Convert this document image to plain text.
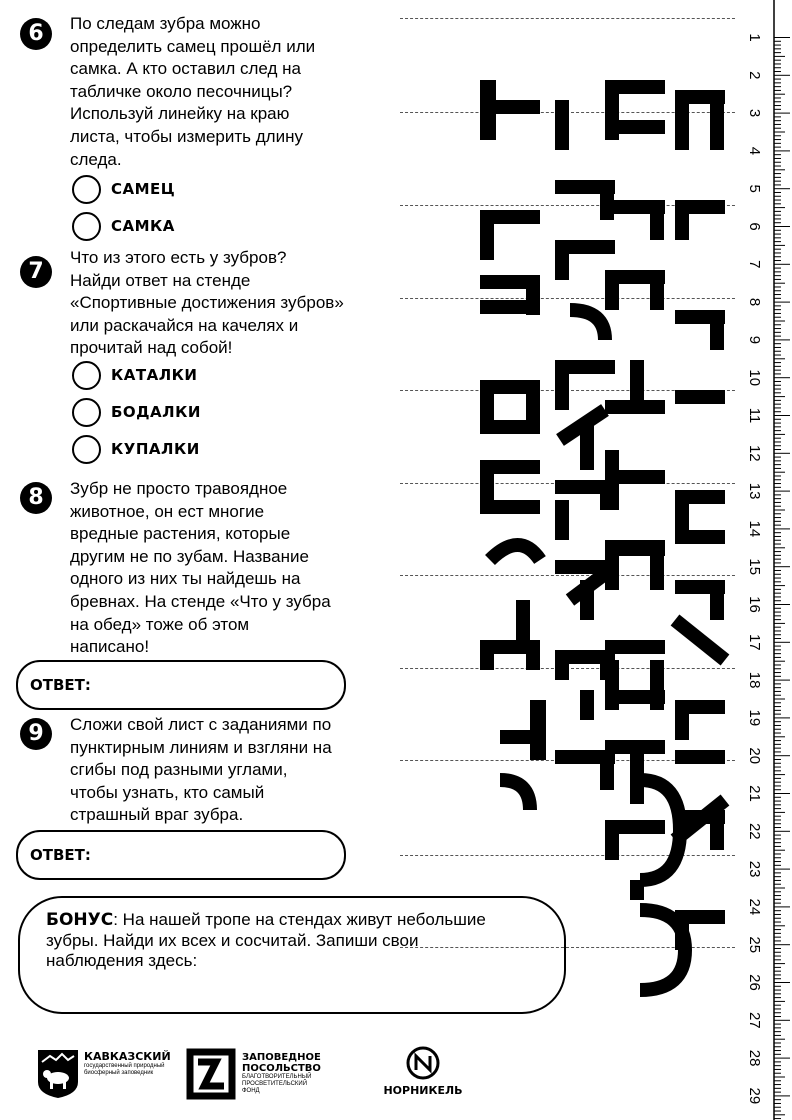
6	По следам зубра можно
определить самец прошёл или
самка. А кто оставил след на
табличке около песочницы?
Используй линейку на краю
листа, чтобы измерить длину
следа.
САМЕЦ
САМКА
7
Что из этого есть у зубров?
Найди ответ на стенде
«Спортивные достижения зубров»
или раскачайся на качелях и
прочитай над собой!
КАТАЛКИ
БОДАЛКИ
КУПАЛКИ
8	Зубр не просто травоядное
животное, он ест многие
вредные растения, которые
другим не по зубам. Название
одного из них ты найдешь на
бревнах. На стенде «Что у зубра
на обед» тоже об этом
написано!
ОТВЕТ:
9	Сложи свой лист с заданиями по
пунктирным линиям и взгляни на
сгибы под разными углами,
чтобы узнать, кто самый
страшный враг зубра.
ОТВЕТ:
БОНУС: На нашей тропе на стендах живут небольшие
зубры. Найди их всех и сосчитай. Запиши свои
наблюдения здесь:
1
2
3
4
5
6
7
8
9
10
11
12
13
14
15
16
17
18
19
20
21
22
23
24
25
26
27
28
29
КАВКАЗСКИЙ
государственный природный
биосферный заповедник
ЗАПОВЕДНОЕ
ПОСОЛЬСТВО
БЛАГОТВОРИТЕЛЬНЫЙ
ПРОСВЕТИТЕЛЬСКИЙ
ФОНД	НОРНИКЕЛЬ
